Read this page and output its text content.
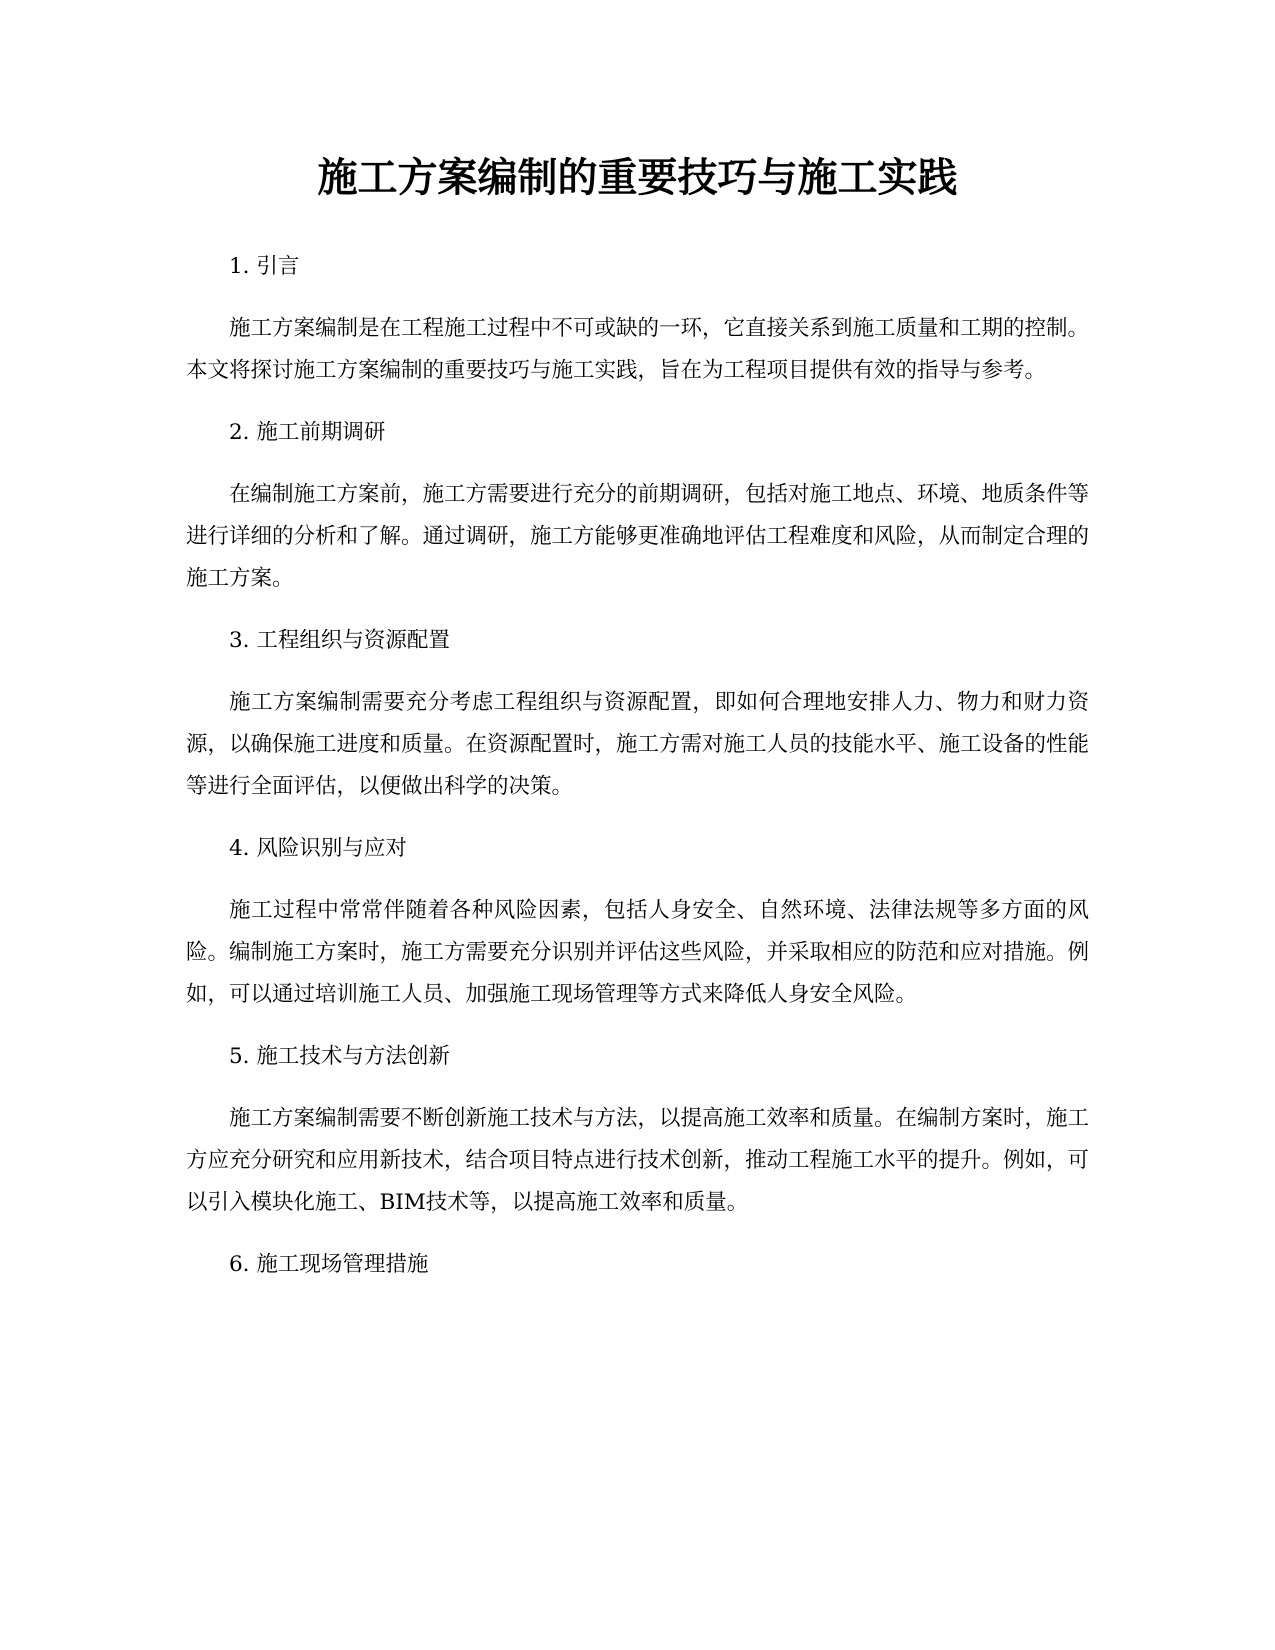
施工方案编制的重要技巧与施工实践

1. 引言

施工方案编制是在工程施工过程中不可或缺的一环，它直接关系到施工质量和工期的控制。本文将探讨施工方案编制的重要技巧与施工实践，旨在为工程项目提供有效的指导与参考。

2. 施工前期调研

在编制施工方案前，施工方需要进行充分的前期调研，包括对施工地点、环境、地质条件等进行详细的分析和了解。通过调研，施工方能够更准确地评估工程难度和风险，从而制定合理的施工方案。

3. 工程组织与资源配置

施工方案编制需要充分考虑工程组织与资源配置，即如何合理地安排人力、物力和财力资源，以确保施工进度和质量。在资源配置时，施工方需对施工人员的技能水平、施工设备的性能等进行全面评估，以便做出科学的决策。

4. 风险识别与应对

施工过程中常常伴随着各种风险因素，包括人身安全、自然环境、法律法规等多方面的风险。编制施工方案时，施工方需要充分识别并评估这些风险，并采取相应的防范和应对措施。例如，可以通过培训施工人员、加强施工现场管理等方式来降低人身安全风险。

5. 施工技术与方法创新

施工方案编制需要不断创新施工技术与方法，以提高施工效率和质量。在编制方案时，施工方应充分研究和应用新技术，结合项目特点进行技术创新，推动工程施工水平的提升。例如，可以引入模块化施工、BIM技术等，以提高施工效率和质量。

6. 施工现场管理措施
